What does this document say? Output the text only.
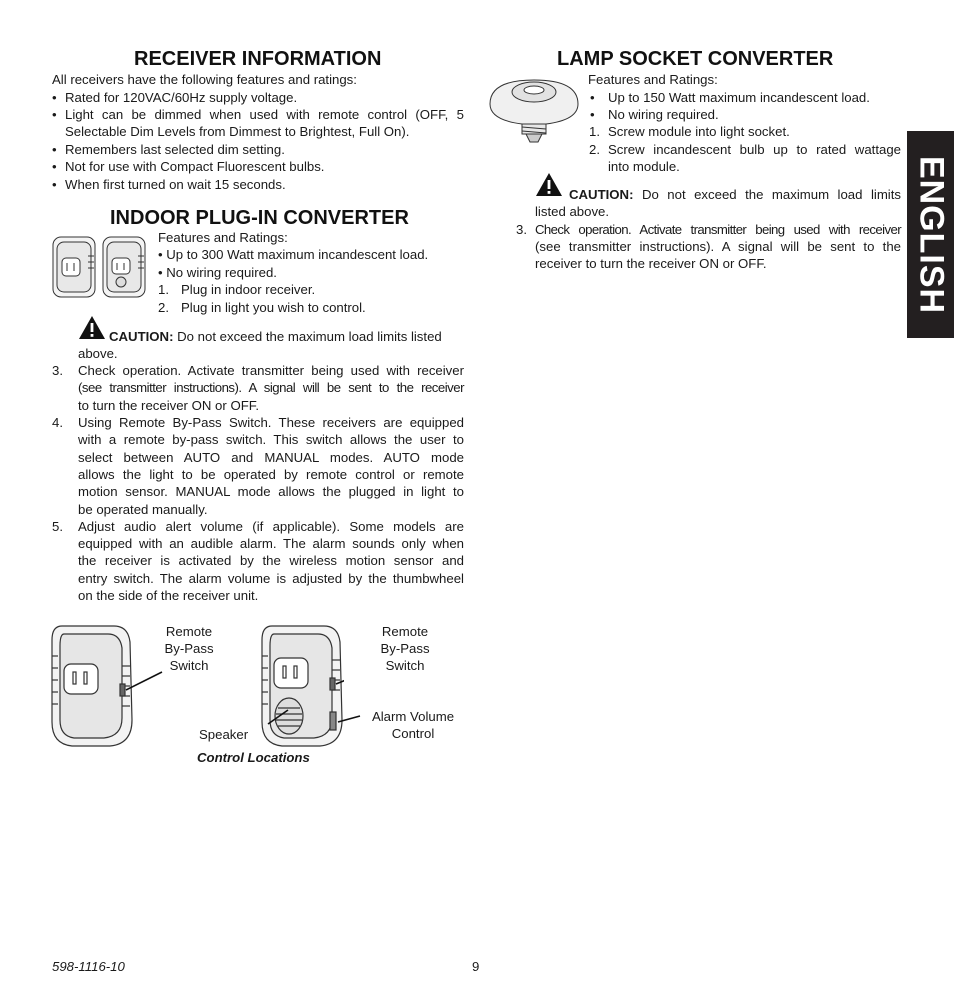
RECEIVER INFORMATION
All receivers have the following features and ratings:
• Rated for 120VAC/60Hz supply voltage.
• Light can be dimmed when used with remote control (OFF, 5
Selectable Dim Levels from Dimmest to Brightest, Full On).
• Remembers last selected dim setting.
• Not for use with Compact Fluorescent bulbs.
• When first turned on wait 15 seconds.
INDOOR PLUG-IN CONVERTER
Features and Ratings:
• Up to 300 Watt maximum incandescent load.
• No wiring required.
1. Plug in indoor receiver.
2. Plug in light you wish to control.
CAUTION: Do not exceed the maximum load limits listed
above.
3. Check operation. Activate transmitter being used with receiver
(see transmitter instructions). A signal will be sent to the receiver
to turn the receiver ON or OFF.
4. Using Remote By-Pass Switch. These receivers are equipped
with a remote by-pass switch. This switch allows the user to
select between AUTO and MANUAL modes. AUTO mode
allows the light to be operated by remote control or remote
motion sensor. MANUAL mode allows the plugged in light to
be operated manually.
5. Adjust audio alert volume (if applicable). Some models are
equipped with an audible alarm. The alarm sounds only when
the receiver is activated by the wireless motion sensor and
entry switch. The alarm volume is adjusted by the thumbwheel
on the side of the receiver unit.
Remote
By-Pass
Switch
Remote
By-Pass
Switch
Speaker
Alarm Volume
Control
Control Locations
LAMP SOCKET CONVERTER
Features and Ratings:
• Up to 150 Watt maximum incandescent load.
• No wiring required.
1. Screw module into light socket.
2. Screw incandescent bulb up to rated wattage
into module.
CAUTION: Do not exceed the maximum load limits
listed above.
3. Check operation. Activate transmitter being used with receiver
(see transmitter instructions). A signal will be sent to the
receiver to turn the receiver ON or OFF.	ENGLISH
598-1116-10	9
